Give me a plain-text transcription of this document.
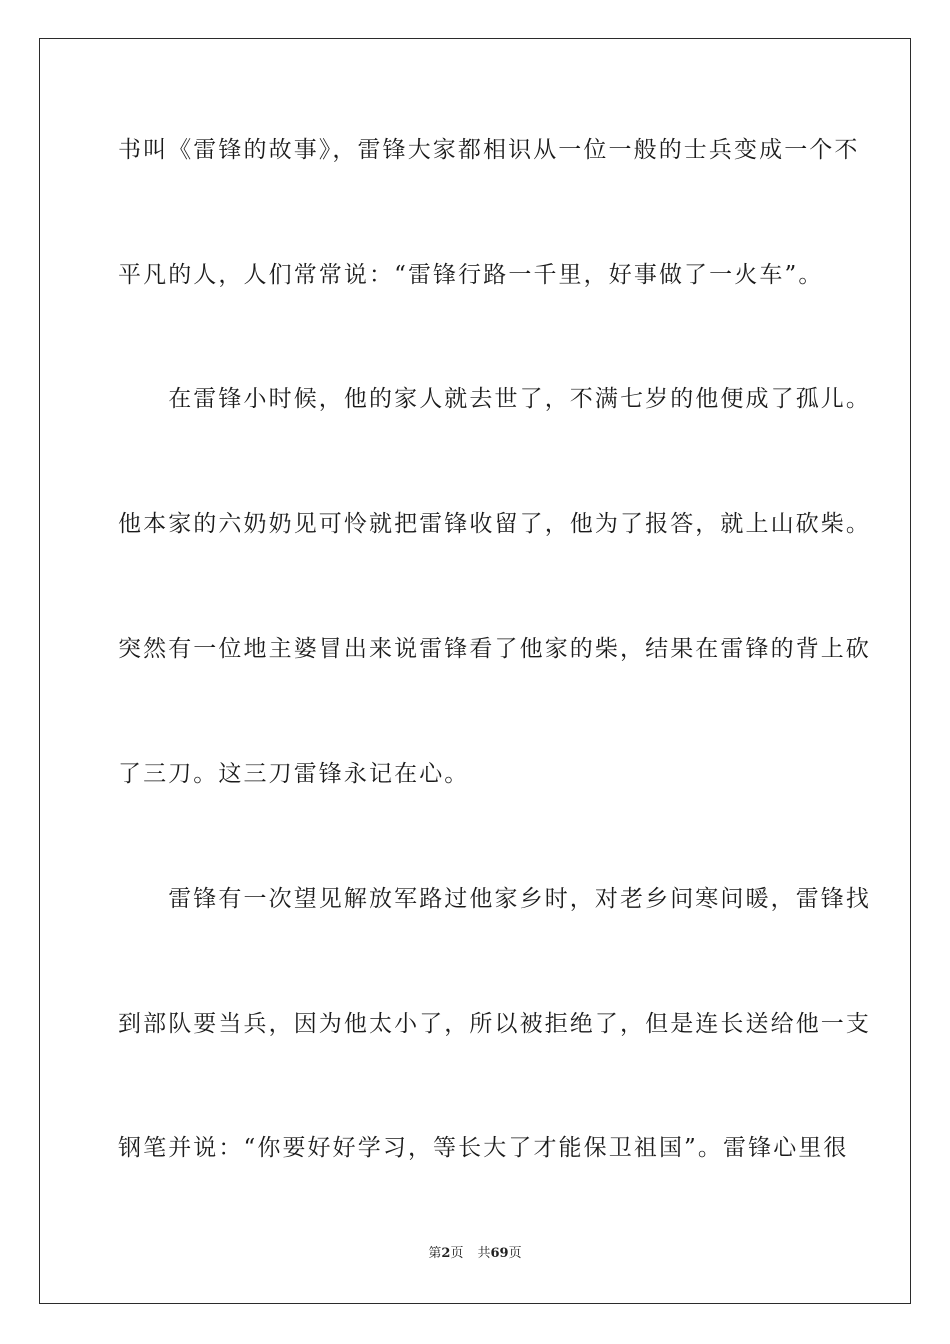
书叫《雷锋的故事》，雷锋大家都相识从一位一般的士兵变成一个不
平凡的人，人们常常说：“雷锋行路一千里，好事做了一火车”。
　　在雷锋小时候，他的家人就去世了，不满七岁的他便成了孤儿。
他本家的六奶奶见可怜就把雷锋收留了，他为了报答，就上山砍柴。
突然有一位地主婆冒出来说雷锋看了他家的柴，结果在雷锋的背上砍
了三刀。这三刀雷锋永记在心。
　　雷锋有一次望见解放军路过他家乡时，对老乡问寒问暖，雷锋找
到部队要当兵，因为他太小了，所以被拒绝了，但是连长送给他一支
钢笔并说：“你要好好学习，等长大了才能保卫祖国”。雷锋心里很
第2页 共69页
